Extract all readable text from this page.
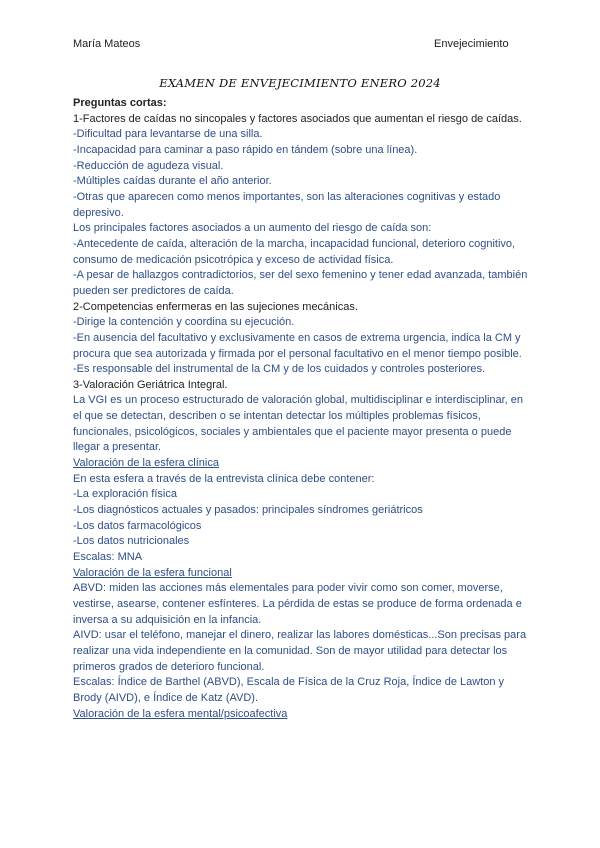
María Mateos	Envejecimiento
EXAMEN DE ENVEJECIMIENTO ENERO 2024

Preguntas cortas:

1-Factores de caídas no sincopales y factores asociados que aumentan el riesgo de caídas.

-Dificultad para levantarse de una silla.

-Incapacidad para caminar a paso rápido en tándem (sobre una línea).

-Reducción de agudeza visual.

-Múltiples caídas durante el año anterior.

-Otras que aparecen como menos importantes, son las alteraciones cognitivas y estado depresivo.

Los principales factores asociados a un aumento del riesgo de caída son:

-Antecedente de caída, alteración de la marcha, incapacidad funcional, deterioro cognitivo, consumo de medicación psicotrópica y exceso de actividad física.

-A pesar de hallazgos contradictorios, ser del sexo femenino y tener edad avanzada, también pueden ser predictores de caída.

2-Competencias enfermeras en las sujeciones mecánicas.

-Dirige la contención y coordina su ejecución.

-En ausencia del facultativo y exclusivamente en casos de extrema urgencia, indica la CM y procura que sea autorizada y firmada por el personal facultativo en el menor tiempo posible.

-Es responsable del instrumental de la CM y de los cuidados y controles posteriores.

3-Valoración Geriátrica Integral.

La VGI es un proceso estructurado de valoración global, multidisciplinar e interdisciplinar, en el que se detectan, describen o se intentan detectar los múltiples problemas físicos, funcionales, psicológicos, sociales y ambientales que el paciente mayor presenta o puede llegar a presentar.

Valoración de la esfera clínica

En esta esfera a través de la entrevista clínica debe contener:

-La exploración física

-Los diagnósticos actuales y pasados: principales síndromes geriátricos

-Los datos farmacológicos

-Los datos nutricionales

Escalas: MNA

Valoración de la esfera funcional

ABVD: miden las acciones más elementales para poder vivir como son comer, moverse, vestirse, asearse, contener esfínteres. La pérdida de estas se produce de forma ordenada e inversa a su adquisición en la infancia.

AIVD: usar el teléfono, manejar el dinero, realizar las labores domésticas...Son precisas para realizar una vida independiente en la comunidad. Son de mayor utilidad para detectar los primeros grados de deterioro funcional.

Escalas: Índice de Barthel (ABVD), Escala de Física de la Cruz Roja, Índice de Lawton y Brody (AIVD), e Índice de Katz (AVD).

Valoración de la esfera mental/psicoafectiva
